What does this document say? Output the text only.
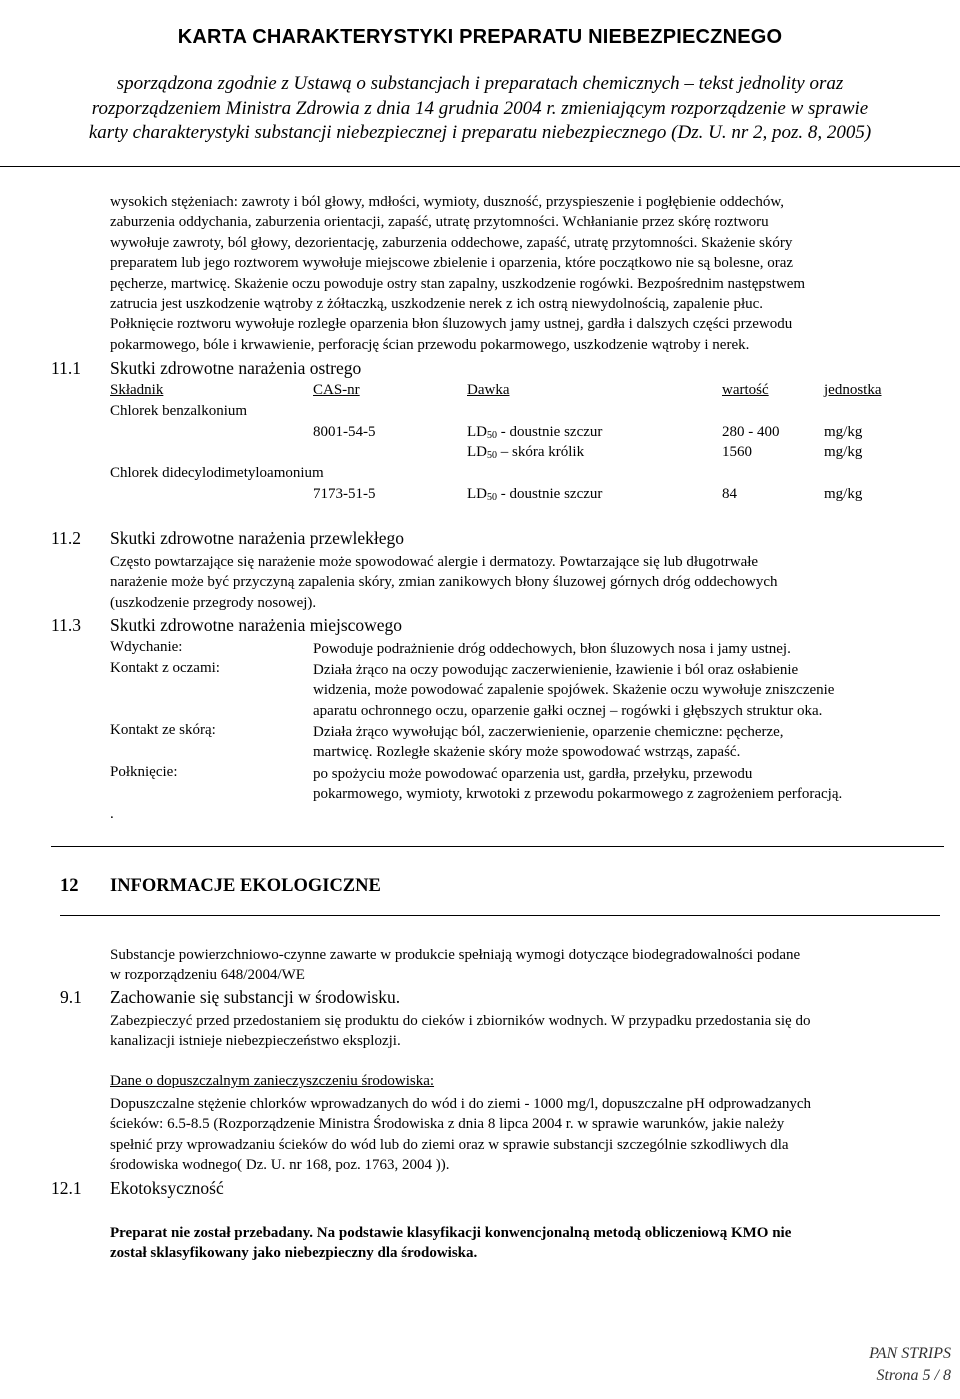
KARTA CHARAKTERYSTYKI PREPARATU NIEBEZPIECZNEGO
sporządzona zgodnie z Ustawą o substancjach i preparatach chemicznych – tekst jednolity oraz
rozporządzeniem Ministra Zdrowia z dnia 14 grudnia 2004 r. zmieniającym rozporządzenie w sprawie
karty charakterystyki substancji niebezpiecznej i preparatu niebezpiecznego (Dz. U. nr 2, poz. 8, 2005)
wysokich stężeniach: zawroty i ból głowy, mdłości, wymioty, duszność, przyspieszenie i pogłębienie oddechów,
zaburzenia oddychania, zaburzenia orientacji, zapaść, utratę przytomności. Wchłanianie przez skórę roztworu
wywołuje zawroty, ból głowy, dezorientację, zaburzenia oddechowe, zapaść, utratę przytomności. Skażenie skóry
preparatem lub jego roztworem wywołuje miejscowe zbielenie i oparzenia, które początkowo nie są bolesne, oraz
pęcherze, martwicę. Skażenie oczu powoduje ostry stan zapalny, uszkodzenie rogówki. Bezpośrednim następstwem
zatrucia jest uszkodzenie wątroby z żółtaczką, uszkodzenie nerek z ich ostrą niewydolnością, zapalenie płuc.
Połknięcie roztworu wywołuje rozległe oparzenia błon śluzowych jamy ustnej, gardła i dalszych części przewodu
pokarmowego, bóle i krwawienie, perforację ścian przewodu pokarmowego, uszkodzenie wątroby i nerek.
11.1 Skutki zdrowotne narażenia ostrego
Składnik	CAS-nr	Dawka	wartość	jednostka
Chlorek benzalkonium
8001-54-5	$LD_{50}$ - doustnie szczur	280 - 400	mg/kg
$LD_{50}$ – skóra królik	1560	mg/kg
Chlorek didecylodimetyloamonium
7173-51-5	$LD_{50}$ - doustnie szczur	84	mg/kg
11.2 Skutki zdrowotne narażenia przewlekłego
Często powtarzające się narażenie może spowodować alergie i dermatozy. Powtarzające się lub długotrwałe
narażenie może być przyczyną zapalenia skóry, zmian zanikowych błony śluzowej górnych dróg oddechowych
(uszkodzenie przegrody nosowej).
11.3 Skutki zdrowotne narażenia miejscowego
Wdychanie:	Powoduje podrażnienie dróg oddechowych, błon śluzowych nosa i jamy ustnej.
Kontakt z oczami:	Działa żrąco na oczy powodując zaczerwienienie, łzawienie i ból oraz osłabienie
widzenia, może powodować zapalenie spojówek. Skażenie oczu wywołuje zniszczenie
aparatu ochronnego oczu, oparzenie gałki ocznej – rogówki i głębszych struktur oka.
Kontakt ze skórą:	Działa żrąco wywołując ból, zaczerwienienie, oparzenie chemiczne: pęcherze,
martwicę. Rozległe skażenie skóry może spowodować wstrząs, zapaść.
Połknięcie:	po spożyciu może powodować oparzenia ust, gardła, przełyku, przewodu
pokarmowego, wymioty, krwotoki z przewodu pokarmowego z zagrożeniem perforacją.
.
12 INFORMACJE EKOLOGICZNE
Substancje powierzchniowo-czynne zawarte w produkcie spełniają wymogi dotyczące biodegradowalności podane
w rozporządzeniu 648/2004/WE
9.1 Zachowanie się substancji w środowisku.
Zabezpieczyć przed przedostaniem się produktu do cieków i zbiorników wodnych. W przypadku przedostania się do
kanalizacji istnieje niebezpieczeństwo eksplozji.
Dane o dopuszczalnym zanieczyszczeniu środowiska:
Dopuszczalne stężenie chlorków wprowadzanych do wód i do ziemi - 1000 mg/l, dopuszczalne pH odprowadzanych
ścieków: 6.5-8.5 (Rozporządzenie Ministra Środowiska z dnia 8 lipca 2004 r. w sprawie warunków, jakie należy
spełnić przy wprowadzaniu ścieków do wód lub do ziemi oraz w sprawie substancji szczególnie szkodliwych dla
środowiska wodnego( Dz. U. nr 168, poz. 1763, 2004 )).
12.1 Ekotoksyczność
Preparat nie został przebadany. Na podstawie klasyfikacji konwencjonalną metodą obliczeniową KMO nie
został sklasyfikowany jako niebezpieczny dla środowiska.
PAN STRIPS
Strona 5 / 8
